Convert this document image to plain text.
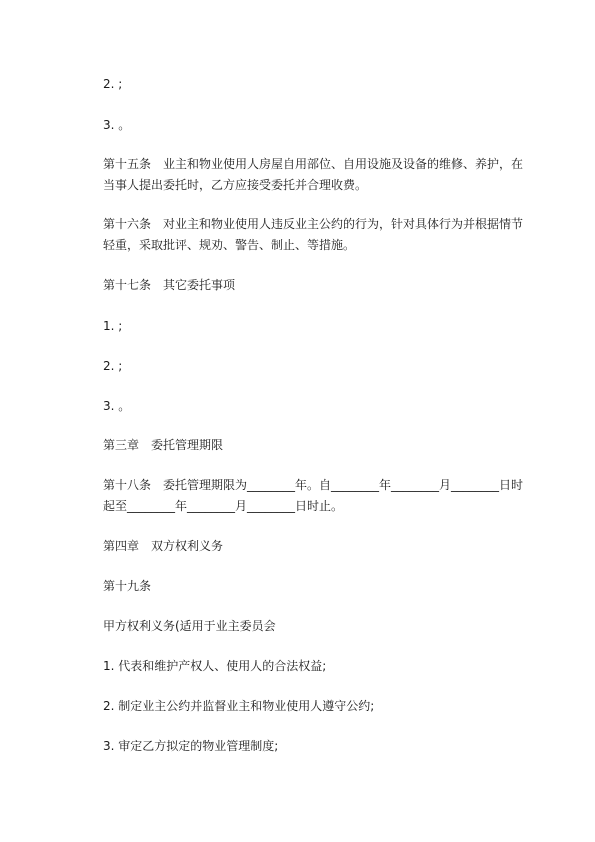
2. ;

3. 。

第十五条　业主和物业使用人房屋自用部位、自用设施及设备的维修、养护，在

当事人提出委托时，乙方应接受委托并合理收费。

第十六条　对业主和物业使用人违反业主公约的行为，针对具体行为并根据情节

轻重，采取批评、规劝、警告、制止、等措施。

第十七条　其它委托事项

1. ;

2. ;

3. 。

第三章　委托管理期限

第十八条　委托管理期限为________年。自________年________月________日时

起至________年________月________日时止。

第四章　双方权利义务

第十九条

甲方权利义务(适用于业主委员会

1. 代表和维护产权人、使用人的合法权益;

2. 制定业主公约并监督业主和物业使用人遵守公约;

3. 审定乙方拟定的物业管理制度;
